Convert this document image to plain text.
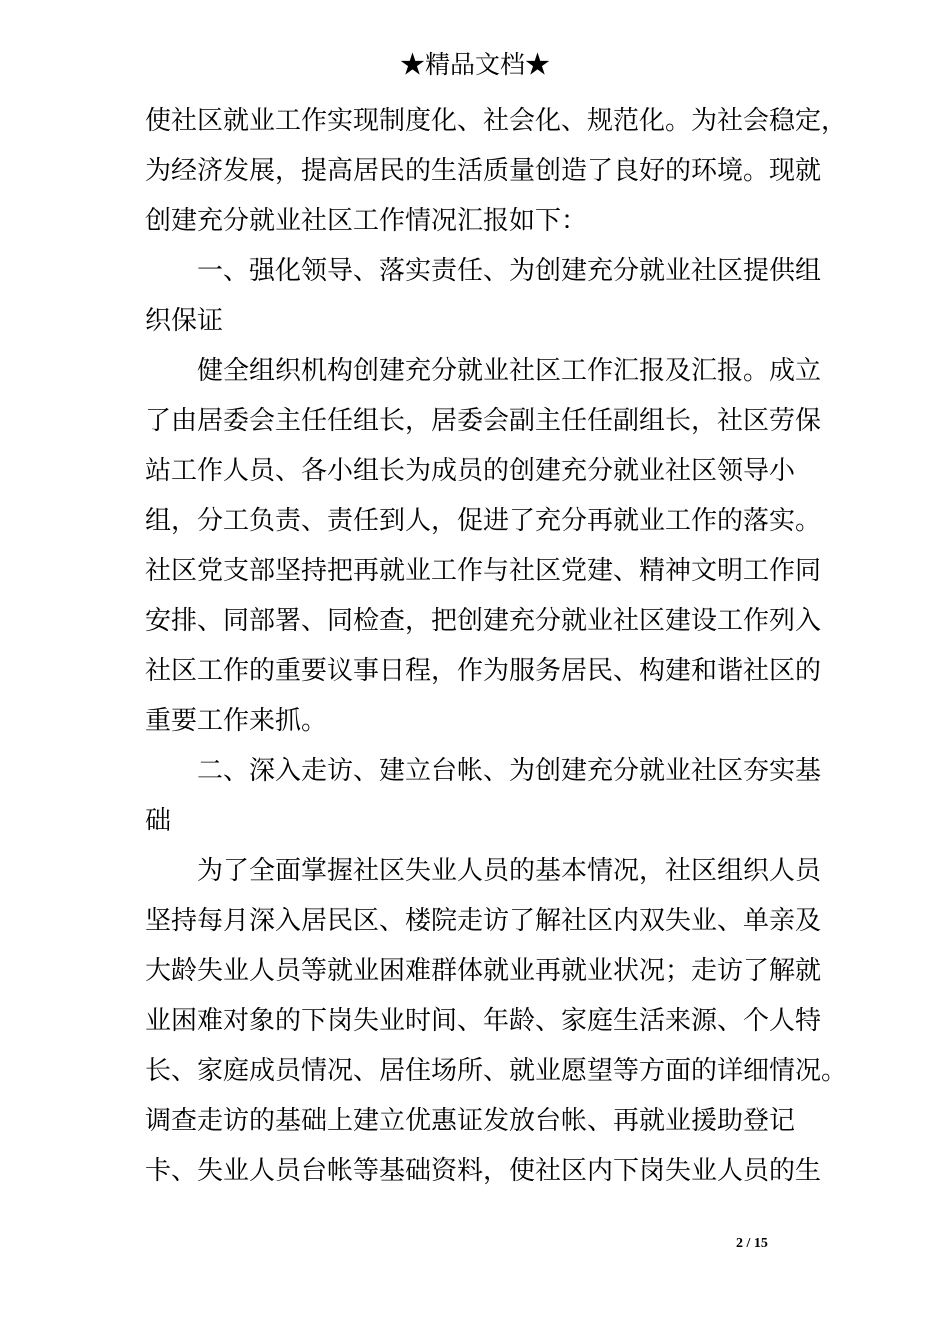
★精品文档★
使社区就业工作实现制度化、社会化、规范化。为社会稳定，
为经济发展，提高居民的生活质量创造了良好的环境。现就
创建充分就业社区工作情况汇报如下：
　　一、强化领导、落实责任、为创建充分就业社区提供组
织保证
　　健全组织机构创建充分就业社区工作汇报及汇报。成立
了由居委会主任任组长，居委会副主任任副组长，社区劳保
站工作人员、各小组长为成员的创建充分就业社区领导小
组，分工负责、责任到人，促进了充分再就业工作的落实。
社区党支部坚持把再就业工作与社区党建、精神文明工作同
安排、同部署、同检查，把创建充分就业社区建设工作列入
社区工作的重要议事日程，作为服务居民、构建和谐社区的
重要工作来抓。
　　二、深入走访、建立台帐、为创建充分就业社区夯实基
础
　　为了全面掌握社区失业人员的基本情况，社区组织人员
坚持每月深入居民区、楼院走访了解社区内双失业、单亲及
大龄失业人员等就业困难群体就业再就业状况；走访了解就
业困难对象的下岗失业时间、年龄、家庭生活来源、个人特
长、家庭成员情况、居住场所、就业愿望等方面的详细情况。
调查走访的基础上建立优惠证发放台帐、再就业援助登记
卡、失业人员台帐等基础资料，使社区内下岗失业人员的生
2 / 15
